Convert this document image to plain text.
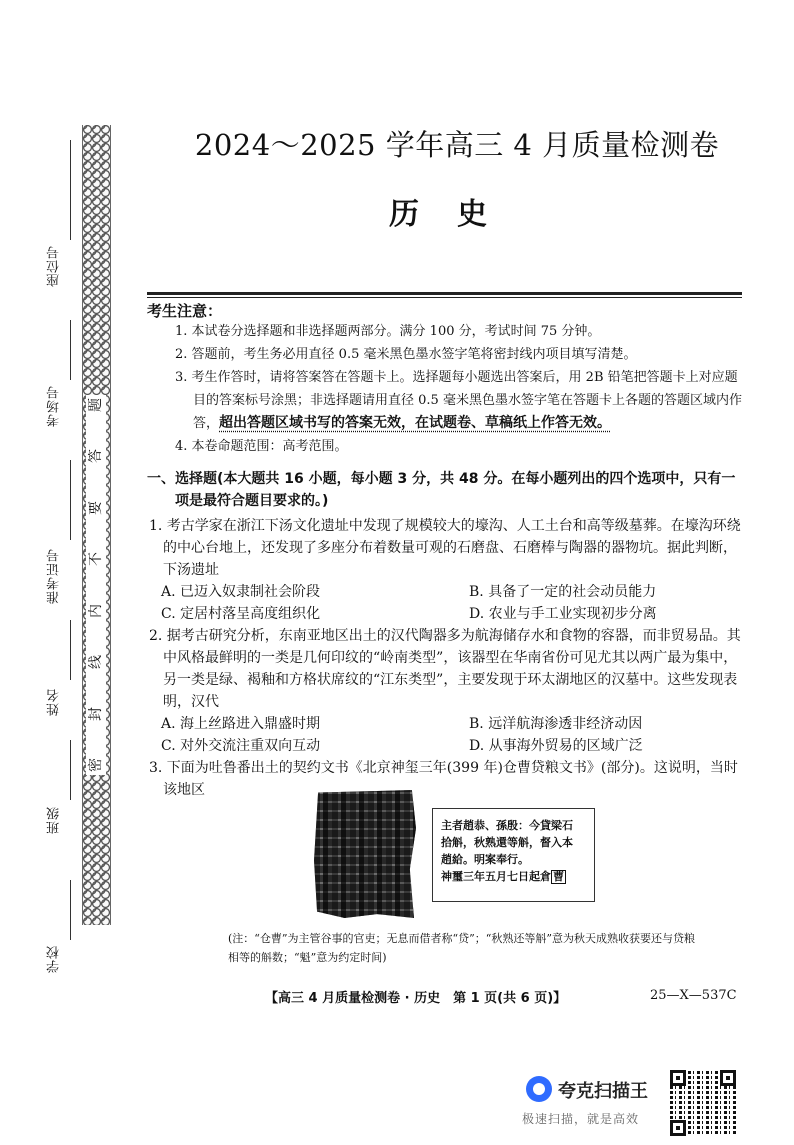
座位号
考场号
准考证号
姓名
班级
学校
题
答
要
不
内
线
封
密
2024～2025 学年高三 4 月质量检测卷
历史
考生注意：

1. 本试卷分选择题和非选择题两部分。满分 100 分，考试时间 75 分钟。

2. 答题前，考生务必用直径 0.5 毫米黑色墨水签字笔将密封线内项目填写清楚。

3. 考生作答时，请将答案答在答题卡上。选择题每小题选出答案后，用 2B 铅笔把答题卡上对应题目的答案标号涂黑；非选择题请用直径 0.5 毫米黑色墨水签字笔在答题卡上各题的答题区域内作答，超出答题区域书写的答案无效，在试题卷、草稿纸上作答无效。

4. 本卷命题范围：高考范围。

一、选择题(本大题共 16 小题，每小题 3 分，共 48 分。在每小题列出的四个选项中，只有一项是最符合题目要求的。)

1. 考古学家在浙江下汤文化遗址中发现了规模较大的壕沟、人工土台和高等级墓葬。在壕沟环绕的中心台地上，还发现了多座分布着数量可观的石磨盘、石磨棒与陶器的器物坑。据此判断，下汤遗址

A. 已迈入奴隶制社会阶段	B. 具备了一定的社会动员能力
C. 定居村落呈高度组织化	D. 农业与手工业实现初步分离

2. 据考古研究分析，东南亚地区出土的汉代陶器多为航海储存水和食物的容器，而非贸易品。其中风格最鲜明的一类是几何印纹的“岭南类型”，该器型在华南省份可见尤其以两广最为集中，另一类是绿、褐釉和方格状席纹的“江东类型”，主要发现于环太湖地区的汉墓中。这些发现表明，汉代

A. 海上丝路进入鼎盛时期	B. 远洋航海渗透非经济动因
C. 对外交流注重双向互动	D. 从事海外贸易的区域广泛

3. 下面为吐鲁番出土的契约文书《北京神玺三年(399 年)仓曹贷粮文书》(部分)。这说明，当时该地区

主者趙恭、孫殷：今貸梁石
拾斛，秋熟還等斛，督入本
趙給。明案奉行。
神璽三年五月七日起倉 曹
(注：“仓曹”为主管谷事的官吏；无息而借者称“贷”；“秋熟还等斛”意为秋天成熟收获要还与贷粮相等的斛数；“魁”意为约定时间)
【高三 4 月质量检测卷 · 历史　第 1 页(共 6 页)】	25—X—537C
夸克扫描王
极速扫描，就是高效
